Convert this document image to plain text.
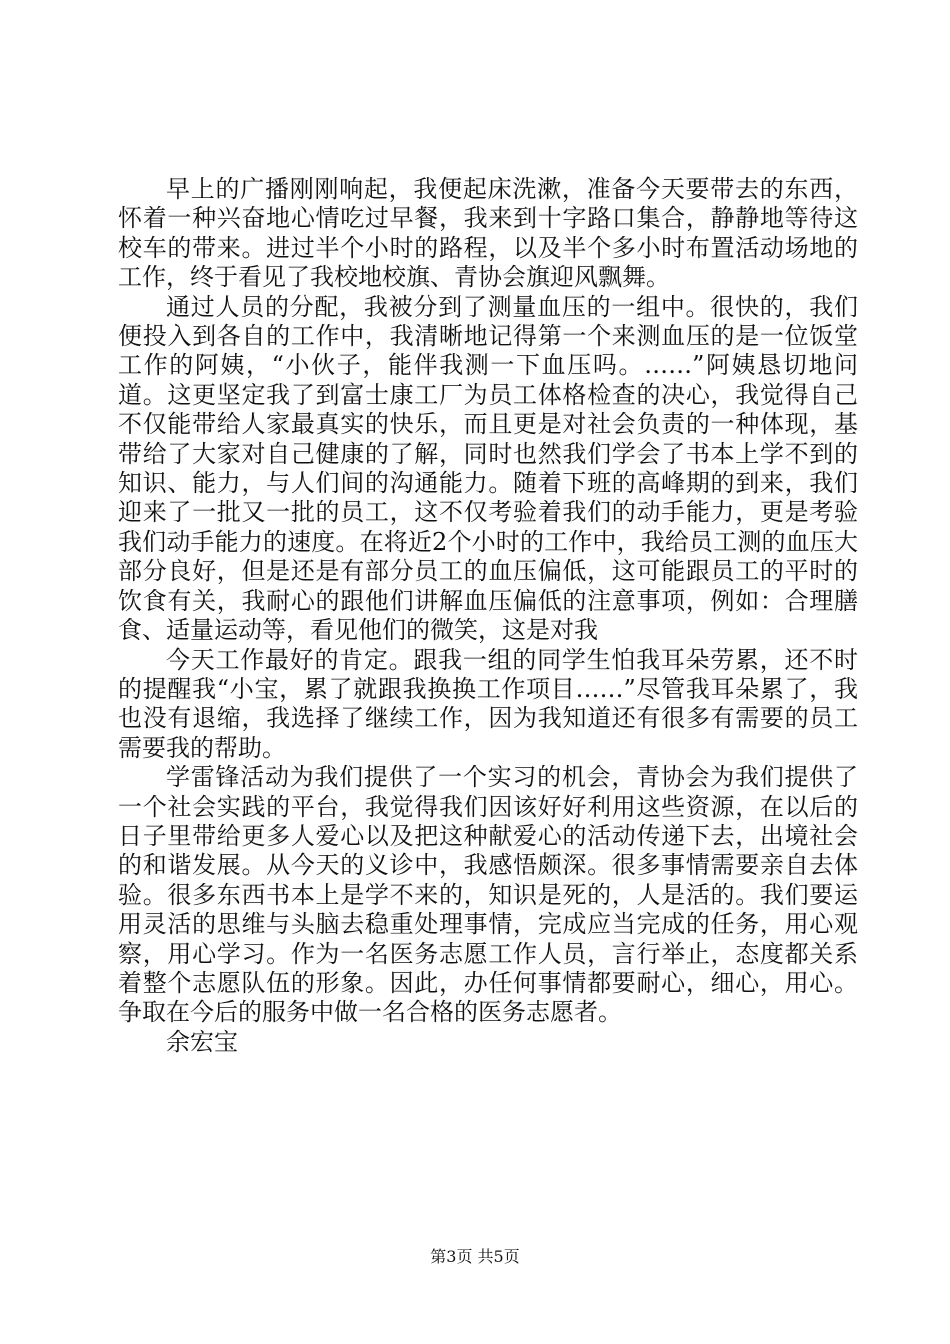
早上的广播刚刚响起，我便起床洗漱，准备今天要带去的东西，怀着一种兴奋地心情吃过早餐，我来到十字路口集合，静静地等待这校车的带来。进过半个小时的路程，以及半个多小时布置活动场地的工作，终于看见了我校地校旗、青协会旗迎风飘舞。

通过人员的分配，我被分到了测量血压的一组中。很快的，我们便投入到各自的工作中，我清晰地记得第一个来测血压的是一位饭堂工作的阿姨，“小伙子，能伴我测一下血压吗。……”阿姨恳切地问道。这更坚定我了到富士康工厂为员工体格检查的决心，我觉得自己不仅能带给人家最真实的快乐，而且更是对社会负责的一种体现，基带给了大家对自己健康的了解，同时也然我们学会了书本上学不到的知识、能力，与人们间的沟通能力。随着下班的高峰期的到来，我们迎来了一批又一批的员工，这不仅考验着我们的动手能力，更是考验我们动手能力的速度。在将近2个小时的工作中，我给员工测的血压大部分良好，但是还是有部分员工的血压偏低，这可能跟员工的平时的饮食有关，我耐心的跟他们讲解血压偏低的注意事项，例如：合理膳食、适量运动等，看见他们的微笑，这是对我

今天工作最好的肯定。跟我一组的同学生怕我耳朵劳累，还不时的提醒我“小宝，累了就跟我换换工作项目……”尽管我耳朵累了，我也没有退缩，我选择了继续工作，因为我知道还有很多有需要的员工需要我的帮助。

学雷锋活动为我们提供了一个实习的机会，青协会为我们提供了一个社会实践的平台，我觉得我们因该好好利用这些资源，在以后的日子里带给更多人爱心以及把这种献爱心的活动传递下去，出境社会的和谐发展。从今天的义诊中，我感悟颇深。很多事情需要亲自去体验。很多东西书本上是学不来的，知识是死的，人是活的。我们要运用灵活的思维与头脑去稳重处理事情，完成应当完成的任务，用心观察，用心学习。作为一名医务志愿工作人员，言行举止，态度都关系着整个志愿队伍的形象。因此，办任何事情都要耐心，细心，用心。争取在今后的服务中做一名合格的医务志愿者。

余宏宝

第3页 共5页
